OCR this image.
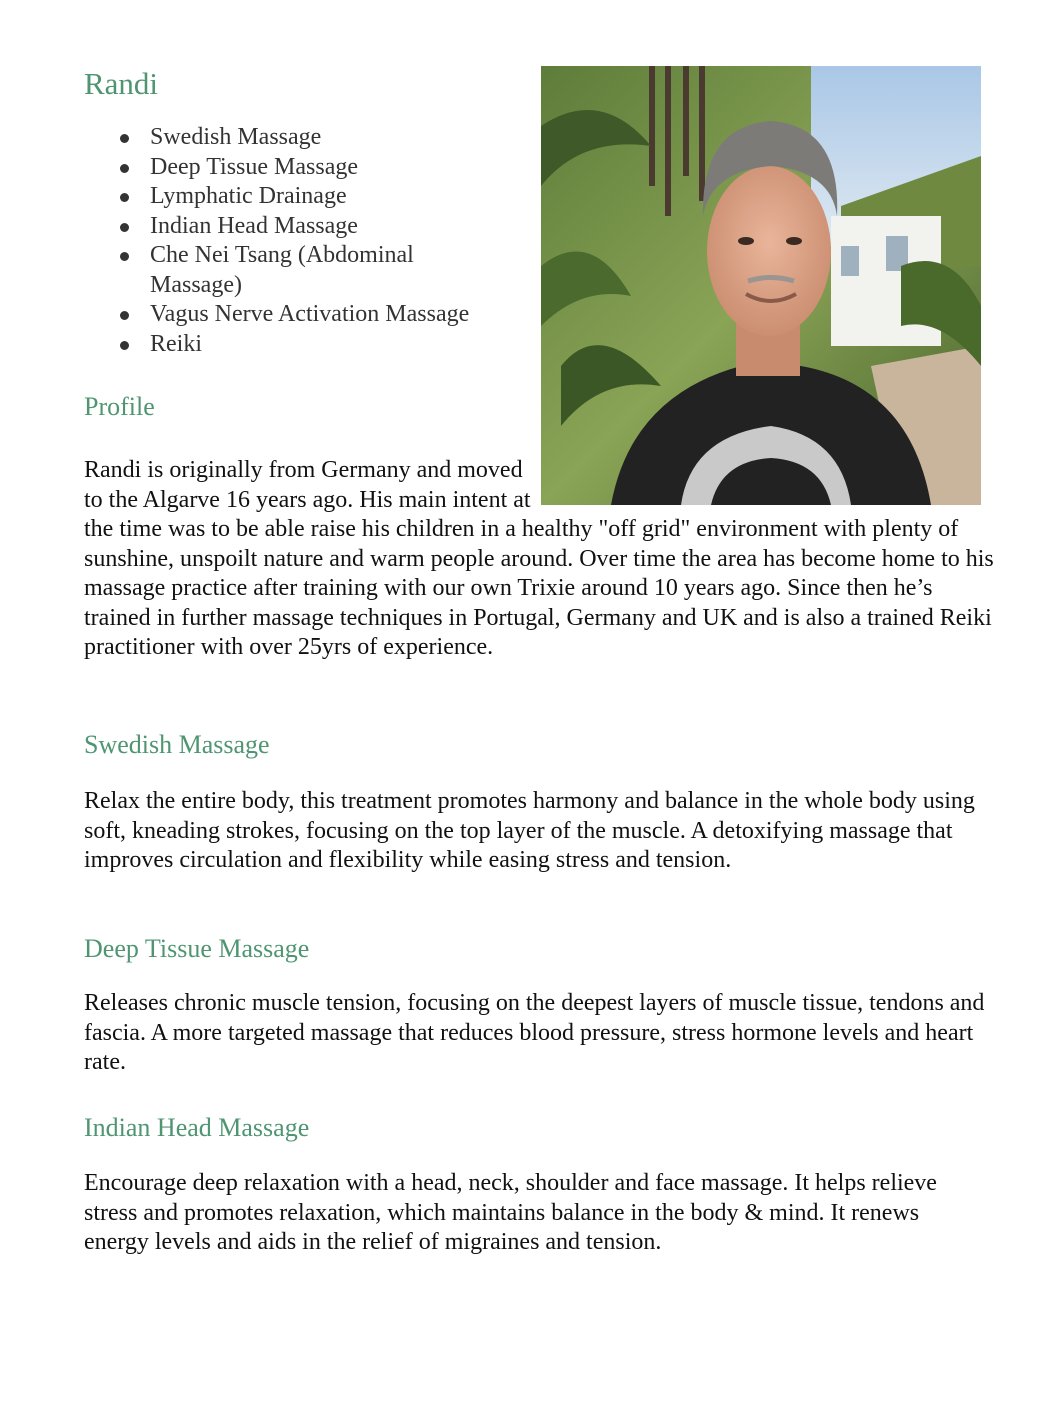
Randi
Swedish Massage
Deep Tissue Massage
Lymphatic Drainage
Indian Head Massage
Che Nei Tsang (Abdominal Massage)
Vagus Nerve Activation Massage
Reiki
Profile

Randi is originally from Germany and moved to the Algarve 16 years ago. His main intent at the time was to be able raise his children in a healthy "off grid" environment with plenty of sunshine, unspoilt nature and warm people around. Over time the area has become home to his massage practice after training with our own Trixie around 10 years ago. Since then he’s trained in further massage techniques in Portugal, Germany and UK and is also a trained Reiki practitioner with over 25yrs of experience.

Swedish Massage

Relax the entire body, this treatment promotes harmony and balance in the whole body using soft, kneading strokes, focusing on the top layer of the muscle. A detoxifying massage that improves circulation and flexibility while easing stress and tension.

Deep Tissue Massage

Releases chronic muscle tension, focusing on the deepest layers of muscle tissue, tendons and fascia. A more targeted massage that reduces blood pressure, stress hormone levels and heart rate.

Indian Head Massage

Encourage deep relaxation with a head, neck, shoulder and face massage. It helps relieve stress and promotes relaxation, which maintains balance in the body & mind. It renews energy levels and aids in the relief of migraines and tension.
